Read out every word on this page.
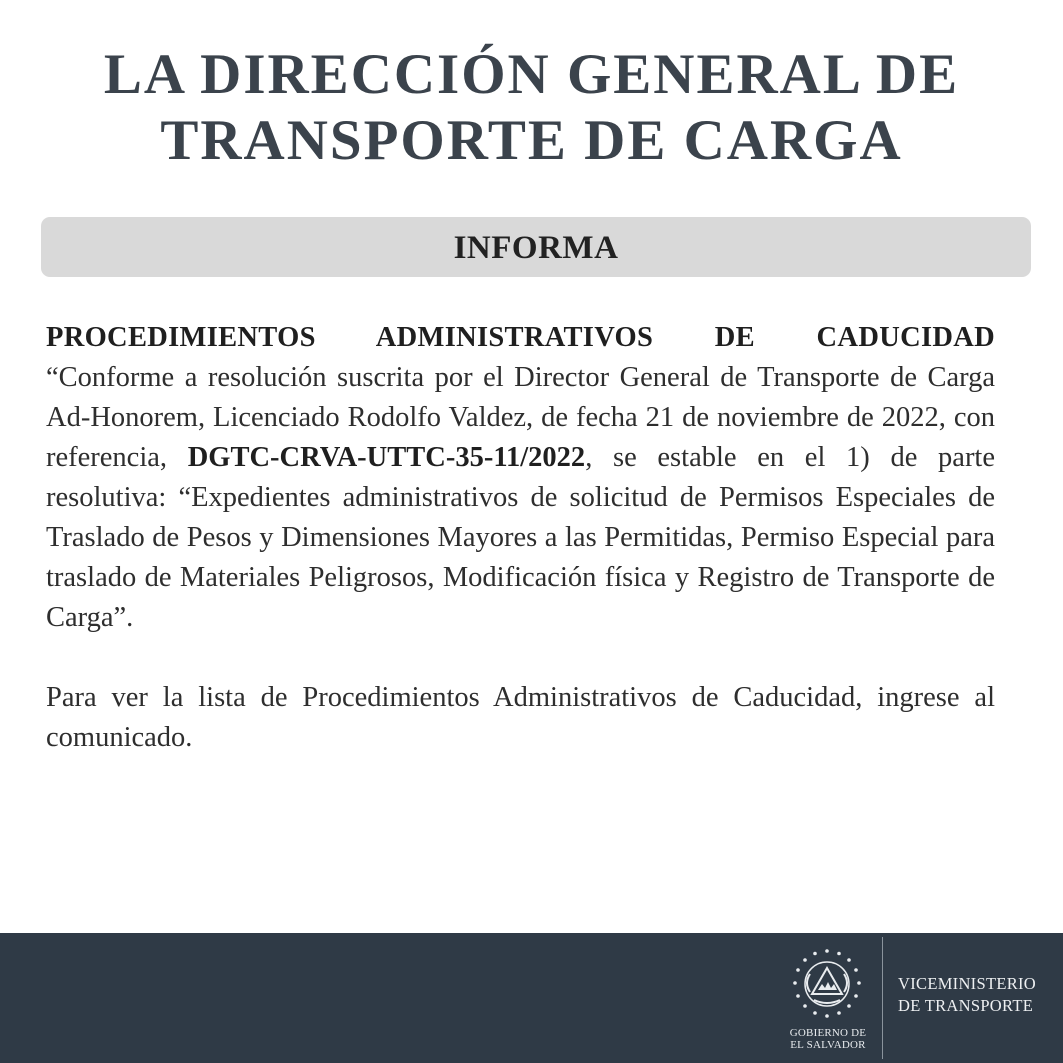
LA DIRECCIÓN GENERAL DE
TRANSPORTE DE CARGA
INFORMA
PROCEDIMIENTOS ADMINISTRATIVOS DE CADUCIDAD

“Conforme a resolución suscrita por el Director General de Transporte de Carga Ad-Honorem, Licenciado Rodolfo Valdez, de fecha 21 de noviembre de 2022, con referencia, DGTC-CRVA-UTTC-35-11/2022, se estable en el 1) de parte resolutiva: “Expedientes administrativos de solicitud de Permisos Especiales de Traslado de Pesos y Dimensiones Mayores a las Permitidas, Permiso Especial para traslado de Materiales Peligrosos, Modificación física y Registro de Transporte de Carga”.

Para ver la lista de Procedimientos Administrativos de Caducidad, ingrese al comunicado.

GOBIERNO DE
EL SALVADOR
VICEMINISTERIO
DE TRANSPORTE
